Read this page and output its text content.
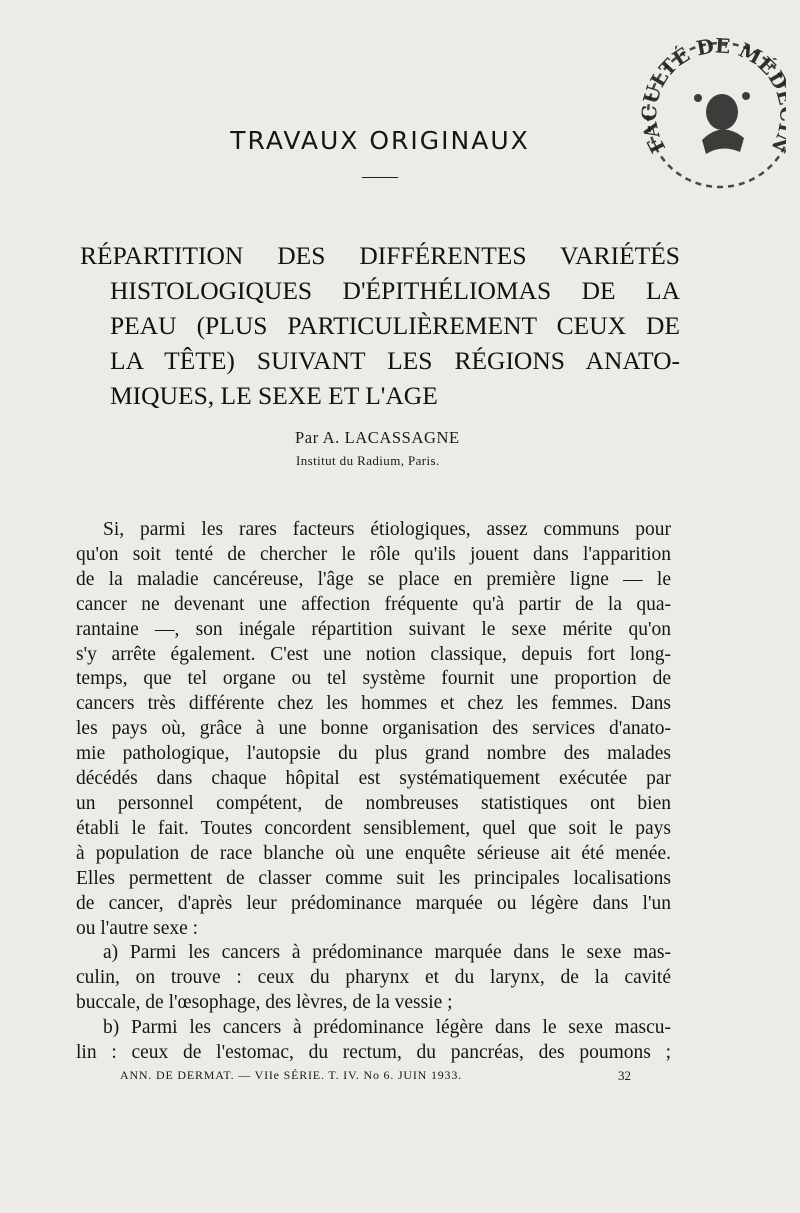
FACULTÉ DE MÉ
TRAVAUX ORIGINAUX
RÉPARTITION DES DIFFÉRENTES VARIÉTÉS
HISTOLOGIQUES D'ÉPITHÉLIOMAS DE LA
PEAU (PLUS PARTICULIÈREMENT CEUX DE
LA TÊTE) SUIVANT LES RÉGIONS ANATO-
MIQUES, LE SEXE ET L'AGE
Par A. LACASSAGNE
Institut du Radium, Paris.
Si, parmi les rares facteurs étiologiques, assez communs pour
qu'on soit tenté de chercher le rôle qu'ils jouent dans l'apparition
de la maladie cancéreuse, l'âge se place en première ligne — le
cancer ne devenant une affection fréquente qu'à partir de la qua-
rantaine —, son inégale répartition suivant le sexe mérite qu'on
s'y arrête également. C'est une notion classique, depuis fort long-
temps, que tel organe ou tel système fournit une proportion de
cancers très différente chez les hommes et chez les femmes. Dans
les pays où, grâce à une bonne organisation des services d'anato-
mie pathologique, l'autopsie du plus grand nombre des malades
décédés dans chaque hôpital est systématiquement exécutée par
un personnel compétent, de nombreuses statistiques ont bien
établi le fait. Toutes concordent sensiblement, quel que soit le pays
à population de race blanche où une enquête sérieuse ait été menée.
Elles permettent de classer comme suit les principales localisations
de cancer, d'après leur prédominance marquée ou légère dans l'un
ou l'autre sexe :
a) Parmi les cancers à prédominance marquée dans le sexe mas-
culin, on trouve : ceux du pharynx et du larynx, de la cavité
buccale, de l'œsophage, des lèvres, de la vessie ;
b) Parmi les cancers à prédominance légère dans le sexe mascu-
lin : ceux de l'estomac, du rectum, du pancréas, des poumons ;
ANN. DE DERMAT. — VIIe SÉRIE. T. IV. No 6. JUIN 1933.	32
